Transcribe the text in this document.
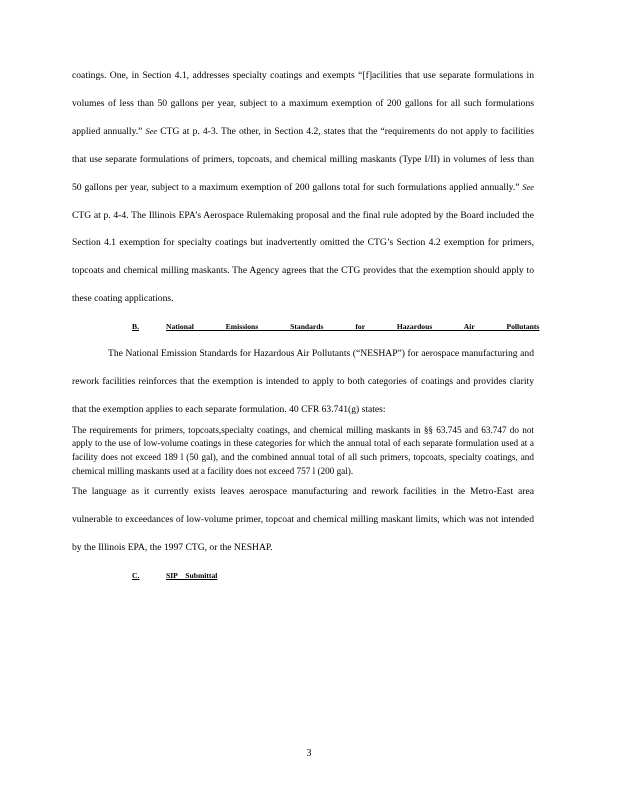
coatings. One, in Section 4.1, addresses specialty coatings and exempts “[f]acilities that use separate formulations in volumes of less than 50 gallons per year, subject to a maximum exemption of 200 gallons for all such formulations applied annually.” See CTG at p. 4-3. The other, in Section 4.2, states that the “requirements do not apply to facilities that use separate formulations of primers, topcoats, and chemical milling maskants (Type I/II) in volumes of less than 50 gallons per year, subject to a maximum exemption of 200 gallons total for such formulations applied annually.” See CTG at p. 4-4. The Illinois EPA’s Aerospace Rulemaking proposal and the final rule adopted by the Board included the Section 4.1 exemption for specialty coatings but inadvertently omitted the CTG’s Section 4.2 exemption for primers, topcoats and chemical milling maskants. The Agency agrees that the CTG provides that the exemption should apply to these coating applications.

B.	National Emissions Standards for Hazardous Air Pollutants

The National Emission Standards for Hazardous Air Pollutants (“NESHAP”) for aerospace manufacturing and rework facilities reinforces that the exemption is intended to apply to both categories of coatings and provides clarity that the exemption applies to each separate formulation. 40 CFR 63.741(g) states:

The requirements for primers, topcoats,specialty coatings, and chemical milling maskants in §§ 63.745 and 63.747 do not apply to the use of low-volume coatings in these categories for which the annual total of each separate formulation used at a facility does not exceed 189 l (50 gal), and the combined annual total of all such primers, topcoats, specialty coatings, and chemical milling maskants used at a facility does not exceed 757 l (200 gal).

The language as it currently exists leaves aerospace manufacturing and rework facilities in the Metro-East area vulnerable to exceedances of low-volume primer, topcoat and chemical milling maskant limits, which was not intended by the Illinois EPA, the 1997 CTG, or the NESHAP.

C.	SIP Submittal
3
